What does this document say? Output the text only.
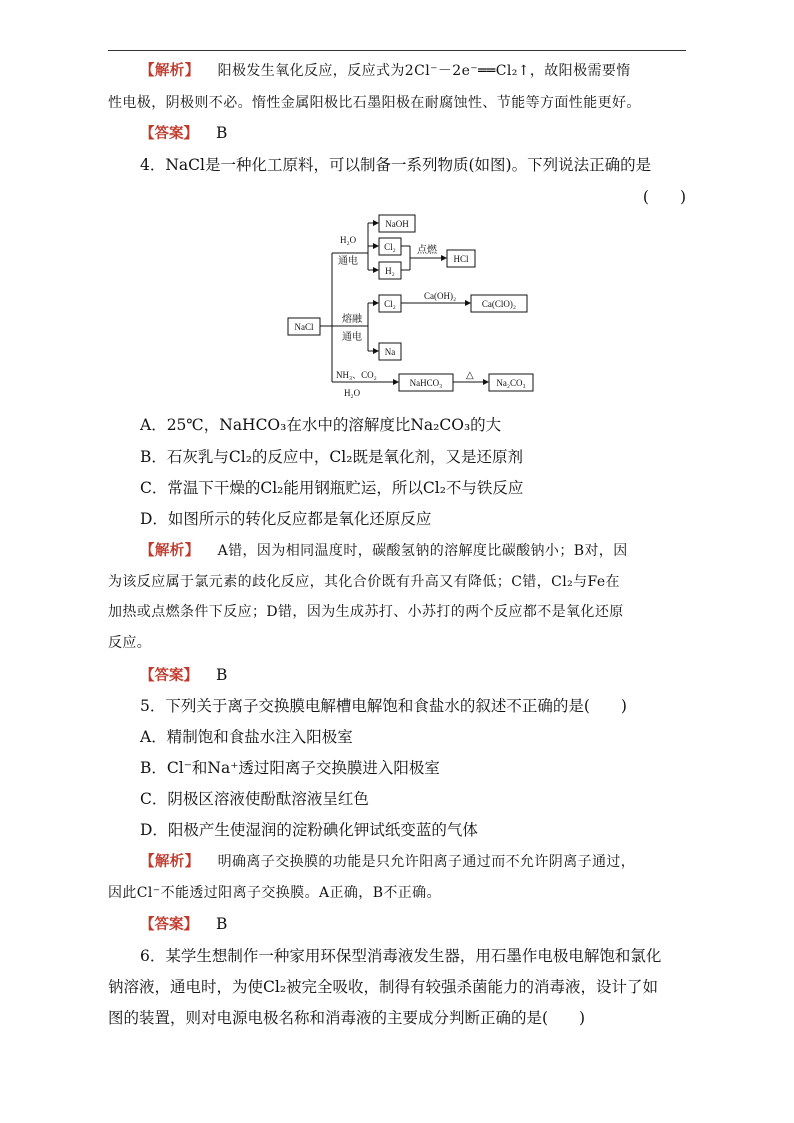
【解析】 阳极发生氧化反应，反应式为2Cl⁻－2e⁻══Cl₂↑，故阳极需要惰
性电极，阴极则不必。惰性金属阳极比石墨阳极在耐腐蚀性、节能等方面性能更好。
【答案】 B
4．NaCl是一种化工原料，可以制备一系列物质(如图)。下列说法正确的是
(　　)
NaCl
H₂O
通电
NaOH
Cl₂
H₂
点燃
HCl
熔融
通电
Cl₂
Ca(OH)₂
Ca(ClO)₂
Na
NH₃、CO₂
H₂O
NaHCO₃
△
Na₂CO₃
A．25℃，NaHCO₃在水中的溶解度比Na₂CO₃的大
B．石灰乳与Cl₂的反应中，Cl₂既是氧化剂，又是还原剂
C．常温下干燥的Cl₂能用钢瓶贮运，所以Cl₂不与铁反应
D．如图所示的转化反应都是氧化还原反应
【解析】 A错，因为相同温度时，碳酸氢钠的溶解度比碳酸钠小；B对，因
为该反应属于氯元素的歧化反应，其化合价既有升高又有降低；C错，Cl₂与Fe在
加热或点燃条件下反应；D错，因为生成苏打、小苏打的两个反应都不是氧化还原
反应。
【答案】 B
5．下列关于离子交换膜电解槽电解饱和食盐水的叙述不正确的是(　　)
A．精制饱和食盐水注入阳极室
B．Cl⁻和Na⁺透过阳离子交换膜进入阳极室
C．阴极区溶液使酚酞溶液呈红色
D．阳极产生使湿润的淀粉碘化钾试纸变蓝的气体
【解析】 明确离子交换膜的功能是只允许阳离子通过而不允许阴离子通过，
因此Cl⁻不能透过阳离子交换膜。A正确，B不正确。
【答案】 B
6．某学生想制作一种家用环保型消毒液发生器，用石墨作电极电解饱和氯化
钠溶液，通电时，为使Cl₂被完全吸收，制得有较强杀菌能力的消毒液，设计了如
图的装置，则对电源电极名称和消毒液的主要成分判断正确的是(　　)
